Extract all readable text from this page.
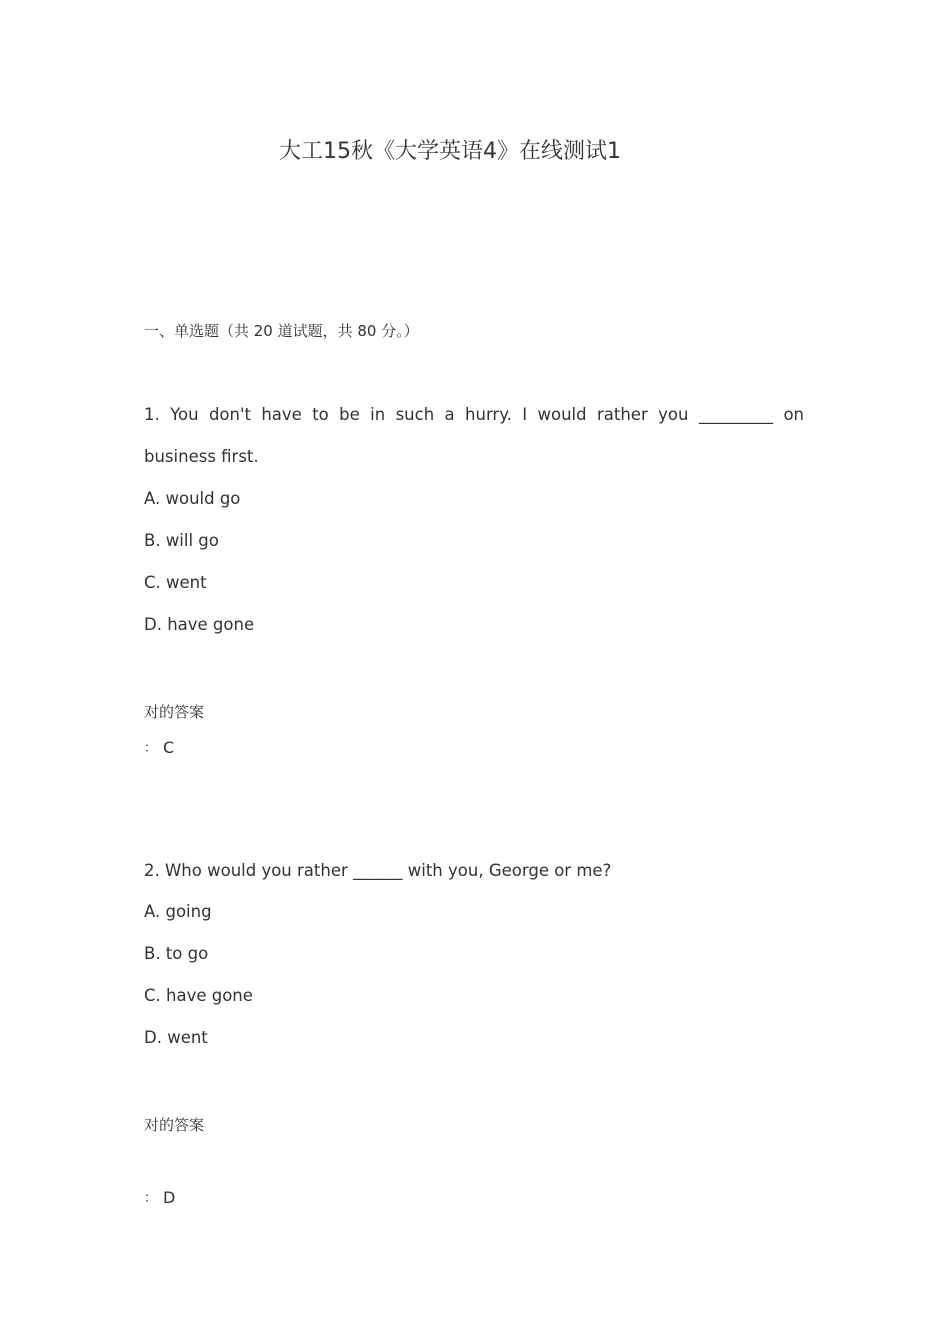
大工15秋《大学英语4》在线测试1
一、单选题（共 20 道试题，共 80 分。）
1. You don't have to be in such a hurry. I would rather you _________ on business first.
A. would go
B. will go
C. went
D. have gone
对的答案
： C
2. Who would you rather ______ with you, George or me?
A. going
B. to go
C. have gone
D. went
对的答案
： D
